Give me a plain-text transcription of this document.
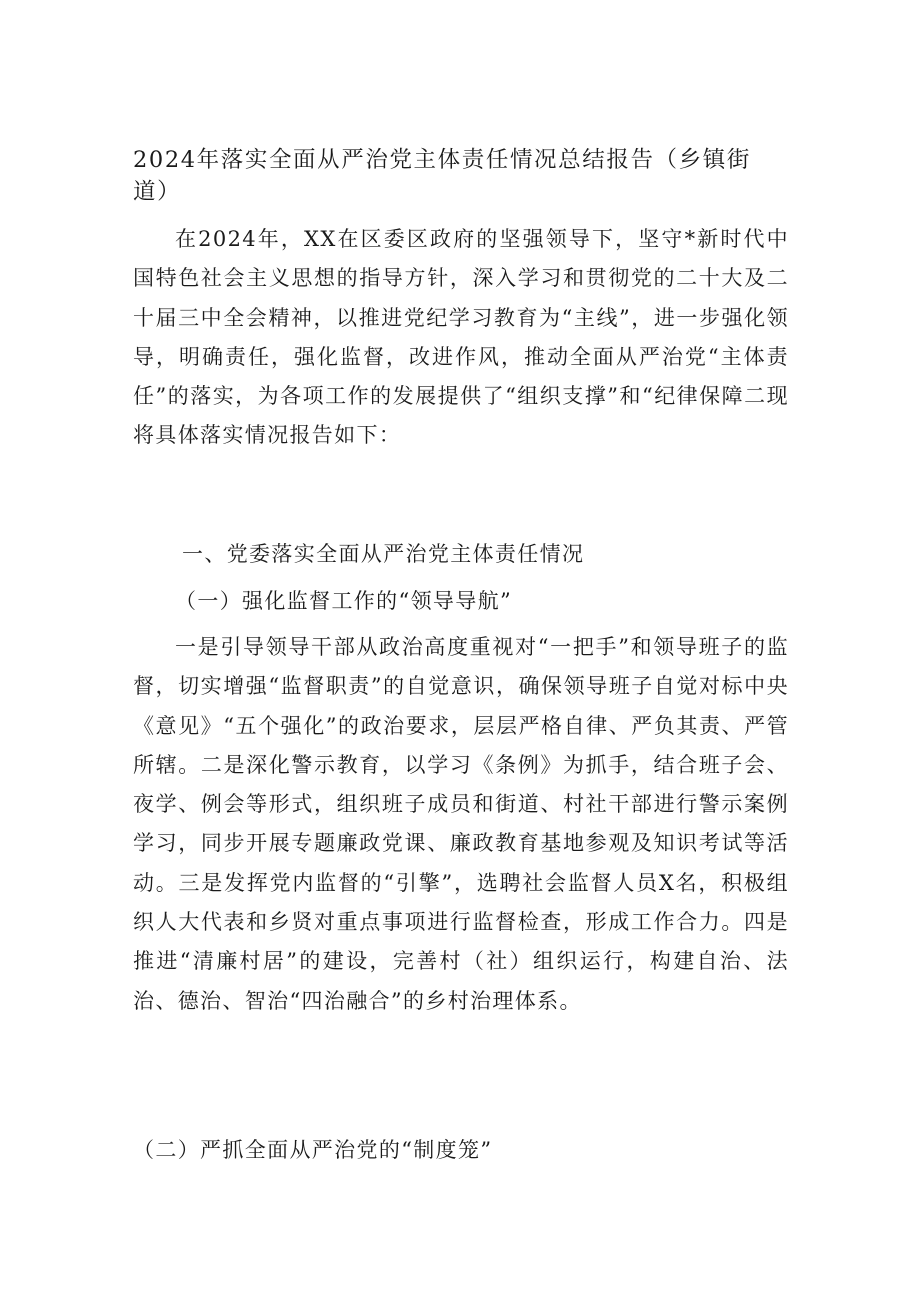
2024年落实全面从严治党主体责任情况总结报告（乡镇街道）

在2024年，XX在区委区政府的坚强领导下，坚守*新时代中国特色社会主义思想的指导方针，深入学习和贯彻党的二十大及二十届三中全会精神，以推进党纪学习教育为“主线”，进一步强化领导，明确责任，强化监督，改进作风，推动全面从严治党“主体责任”的落实，为各项工作的发展提供了“组织支撑”和“纪律保障二现将具体落实情况报告如下：

一、党委落实全面从严治党主体责任情况

（一）强化监督工作的“领导导航”

一是引导领导干部从政治高度重视对“一把手”和领导班子的监督，切实增强“监督职责”的自觉意识，确保领导班子自觉对标中央《意见》“五个强化”的政治要求，层层严格自律、严负其责、严管所辖。二是深化警示教育，以学习《条例》为抓手，结合班子会、夜学、例会等形式，组织班子成员和街道、村社干部进行警示案例学习，同步开展专题廉政党课、廉政教育基地参观及知识考试等活动。三是发挥党内监督的“引擎”，选聘社会监督人员X名，积极组织人大代表和乡贤对重点事项进行监督检查，形成工作合力。四是推进“清廉村居”的建设，完善村（社）组织运行，构建自治、法治、德治、智治“四治融合”的乡村治理体系。

（二）严抓全面从严治党的“制度笼”
